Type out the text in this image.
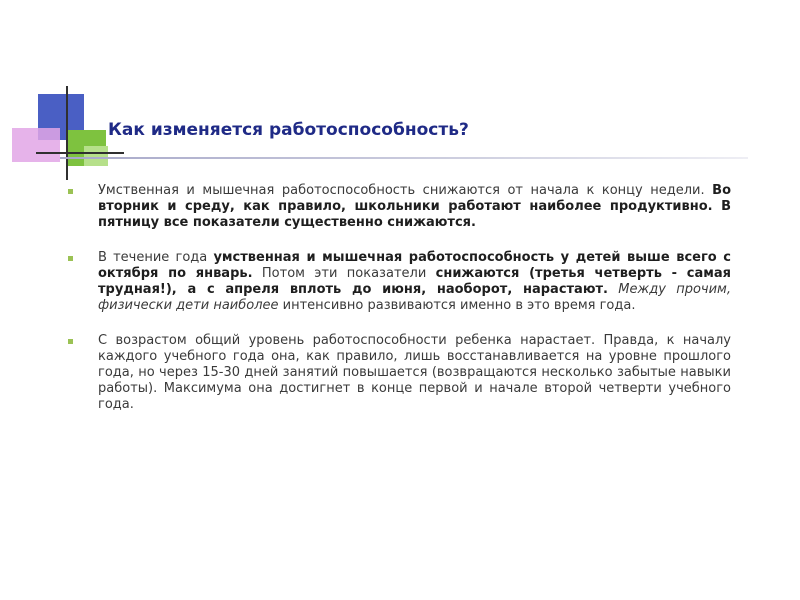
Как изменяется работоспособность?
Умственная и мышечная работоспособность снижаются от начала к концу недели. Во вторник и среду, как правило, школьники работают наиболее продуктивно. В пятницу все показатели существенно снижаются.
В течение года умственная и мышечная работоспособность у детей выше всего с октября по январь. Потом эти показатели снижаются (третья четверть - самая трудная!), а с апреля вплоть до июня, наоборот, нарастают. Между прочим, физически дети наиболее интенсивно развиваются именно в это время года.
С возрастом общий уровень работоспособности ребенка нарастает. Правда, к началу каждого учебного года она, как правило, лишь восстанавливается на уровне прошлого года, но через 15-30 дней занятий повышается (возвращаются несколько забытые навыки работы). Максимума она достигнет в конце первой и начале второй четверти учебного года.
